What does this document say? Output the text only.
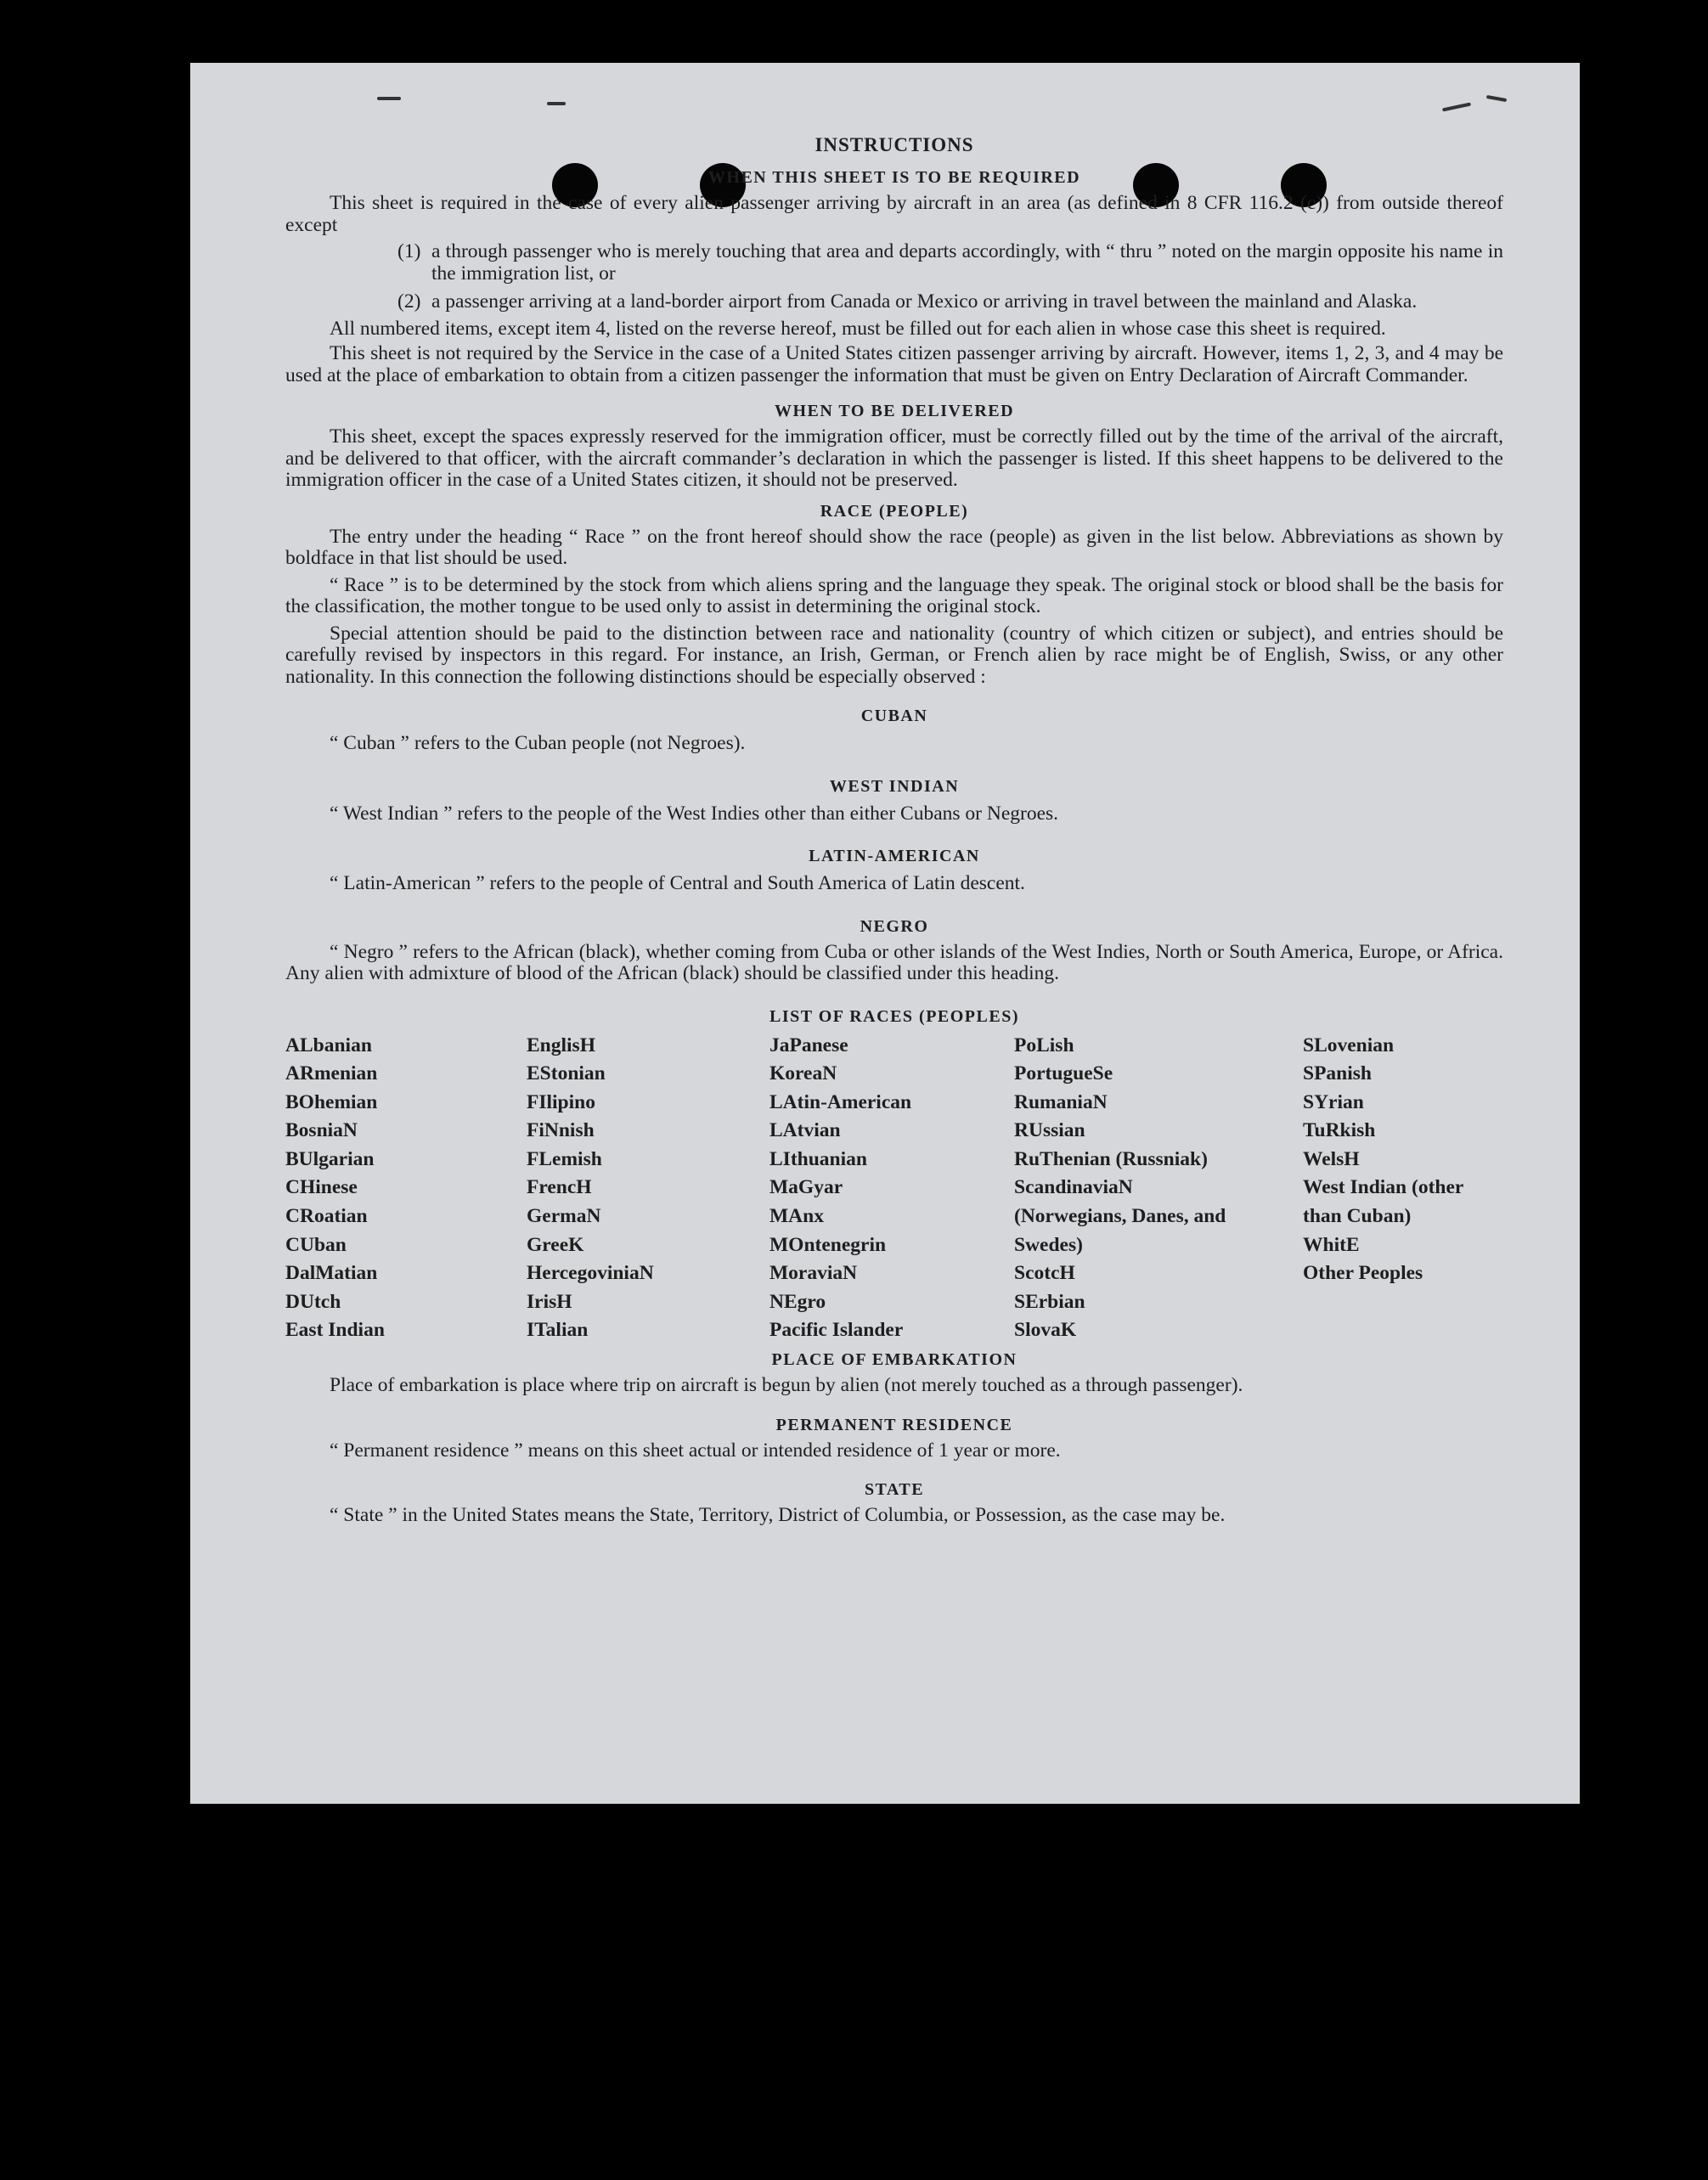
INSTRUCTIONS
WHEN THIS SHEET IS TO BE REQUIRED

This sheet is required in the case of every alien passenger arriving by aircraft in an area (as defined in 8 CFR 116.2 (c)) from outside thereof except

(1) a through passenger who is merely touching that area and departs accordingly, with “ thru ” noted on the margin opposite his name in the immigration list, or

(2) a passenger arriving at a land-border airport from Canada or Mexico or arriving in travel between the mainland and Alaska.

All numbered items, except item 4, listed on the reverse hereof, must be filled out for each alien in whose case this sheet is required.

This sheet is not required by the Service in the case of a United States citizen passenger arriving by aircraft. However, items 1, 2, 3, and 4 may be used at the place of embarkation to obtain from a citizen passenger the information that must be given on Entry Declaration of Aircraft Commander.

WHEN TO BE DELIVERED

This sheet, except the spaces expressly reserved for the immigration officer, must be correctly filled out by the time of the arrival of the aircraft, and be delivered to that officer, with the aircraft commander’s declaration in which the passenger is listed. If this sheet happens to be delivered to the immigration officer in the case of a United States citizen, it should not be preserved.

RACE (PEOPLE)

The entry under the heading “ Race ” on the front hereof should show the race (people) as given in the list below. Abbreviations as shown by boldface in that list should be used.

“ Race ” is to be determined by the stock from which aliens spring and the language they speak. The original stock or blood shall be the basis for the classification, the mother tongue to be used only to assist in determining the original stock.

Special attention should be paid to the distinction between race and nationality (country of which citizen or subject), and entries should be carefully revised by inspectors in this regard. For instance, an Irish, German, or French alien by race might be of English, Swiss, or any other nationality. In this connection the following distinctions should be especially observed :

CUBAN

“ Cuban ” refers to the Cuban people (not Negroes).

WEST INDIAN

“ West Indian ” refers to the people of the West Indies other than either Cubans or Negroes.

LATIN-AMERICAN

“ Latin-American ” refers to the people of Central and South America of Latin descent.

NEGRO

“ Negro ” refers to the African (black), whether coming from Cuba or other islands of the West Indies, North or South America, Europe, or Africa. Any alien with admixture of blood of the African (black) should be classified under this heading.

LIST OF RACES (PEOPLES)
ALbanian
ARmenian
BOhemian
BosniaN
BUlgarian
CHinese
CRoatian
CUban
DalMatian
DUtch
East Indian
EnglisH
EStonian
FIlipino
FiNnish
FLemish
FrencH
GermaN
GreeK
HercegoviniaN
IrisH
ITalian
JaPanese
KoreaN
LAtin-American
LAtvian
LIthuanian
MaGyar
MAnx
MOntenegrin
MoraviaN
NEgro
Pacific Islander
PoLish
PortugueSe
RumaniaN
RUssian
RuThenian (Russniak)
ScandinaviaN (Norwegians, Danes, and Swedes)
ScotcH
SErbian
SlovaK
SLovenian
SPanish
SYrian
TuRkish
WelsH
West Indian (other than Cuban)
WhitE
Other Peoples
PLACE OF EMBARKATION

Place of embarkation is place where trip on aircraft is begun by alien (not merely touched as a through passenger).

PERMANENT RESIDENCE

“ Permanent residence ” means on this sheet actual or intended residence of 1 year or more.

STATE

“ State ” in the United States means the State, Territory, District of Columbia, or Possession, as the case may be.
